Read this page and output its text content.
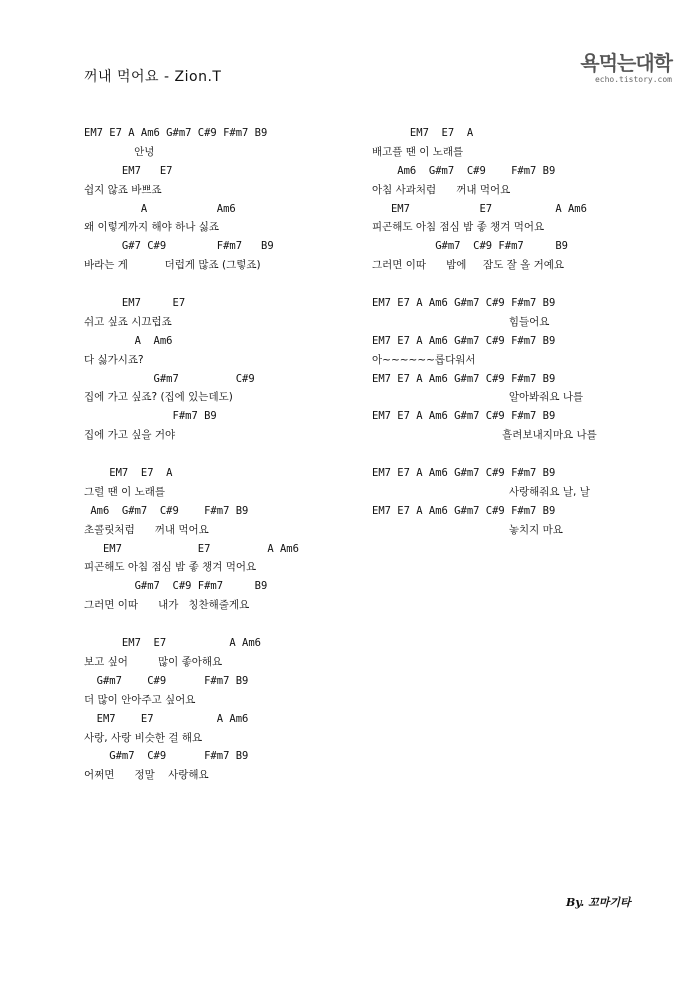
꺼내 먹어요 - Zion.T
욕먹는대학
echo.tistory.com
EM7 E7 A Am6 G#m7 C#9 F#m7 B9
안녕
EM7   E7
쉽지 않죠 바쁘죠
A           Am6
왜 이렇게까지 해야 하나 싫죠
G#7 C#9        F#m7   B9
바라는 게           더럽게 많죠 (그렇죠)
EM7     E7
쉬고 싶죠 시끄럽죠
A  Am6
다 싫가시죠?
G#m7         C#9
집에 가고 싶죠? (집에 있는데도)
F#m7 B9
집에 가고 싶을 거야
EM7  E7  A
그럴 땐 이 노래를
Am6  G#m7  C#9    F#m7 B9
초콜릿처럼      꺼내 먹어요
EM7            E7         A Am6
피곤해도 아침 점심 밤 좋 챙겨 먹어요
G#m7  C#9 F#m7     B9
그러면 이따      내가   칭찬해줄게요
EM7  E7          A Am6
보고 싶어         많이 좋아해요
G#m7    C#9      F#m7 B9
더 많이 안아주고 싶어요
EM7    E7          A Am6
사랑, 사랑 비슷한 걸 해요
G#m7  C#9      F#m7 B9
어쩌면      정말    사랑해요
EM7  E7  A
배고플 땐 이 노래를
Am6  G#m7  C#9    F#m7 B9
아침 사과처럼      꺼내 먹어요
EM7           E7          A Am6
피곤해도 아침 점심 밤 좋 챙겨 먹어요
G#m7  C#9 F#m7     B9
그러면 이따      밤에     잠도 잘 올 거예요
EM7 E7 A Am6 G#m7 C#9 F#m7 B9
힘들어요
EM7 E7 A Am6 G#m7 C#9 F#m7 B9
아~~~~~~롭다워서
EM7 E7 A Am6 G#m7 C#9 F#m7 B9
알아봐줘요 나를
EM7 E7 A Am6 G#m7 C#9 F#m7 B9
흘려보내지마요 나를
EM7 E7 A Am6 G#m7 C#9 F#m7 B9
사랑해줘요 날, 날
EM7 E7 A Am6 G#m7 C#9 F#m7 B9
놓치지 마요
By. 꼬마기타
